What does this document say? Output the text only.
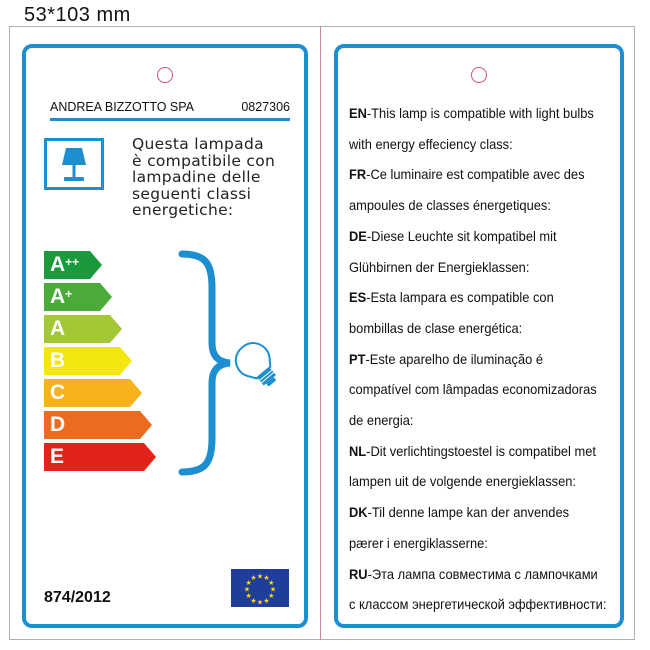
53*103 mm
ANDREA BIZZOTTO SPA	0827306
Questa lampada
è compatibile con
lampadine delle
seguenti classi
energetiche:
A++
A+
A
B
C
D
E
874/2012
★ ★
★
★
★
★
★
★
★
★
★
★
EN-This lamp is compatible with light bulbs
with energy effeciency class:
FR-Ce luminaire est compatible avec des
ampoules de classes énergetiques:
DE-Diese Leuchte sit kompatibel mit
Glühbirnen der Energieklassen:
ES-Esta lampara es compatible con
bombillas de clase energética:
PT-Este aparelho de iluminação é
compatível com lâmpadas economizadoras
de energia:
NL-Dit verlichtingstoestel is compatibel met
lampen uit de volgende energieklassen:
DK-Til denne lampe kan der anvendes
pærer i energiklasserne:
RU-Эта лампа совместима с лампочками
с классом энергетической эффективности:
